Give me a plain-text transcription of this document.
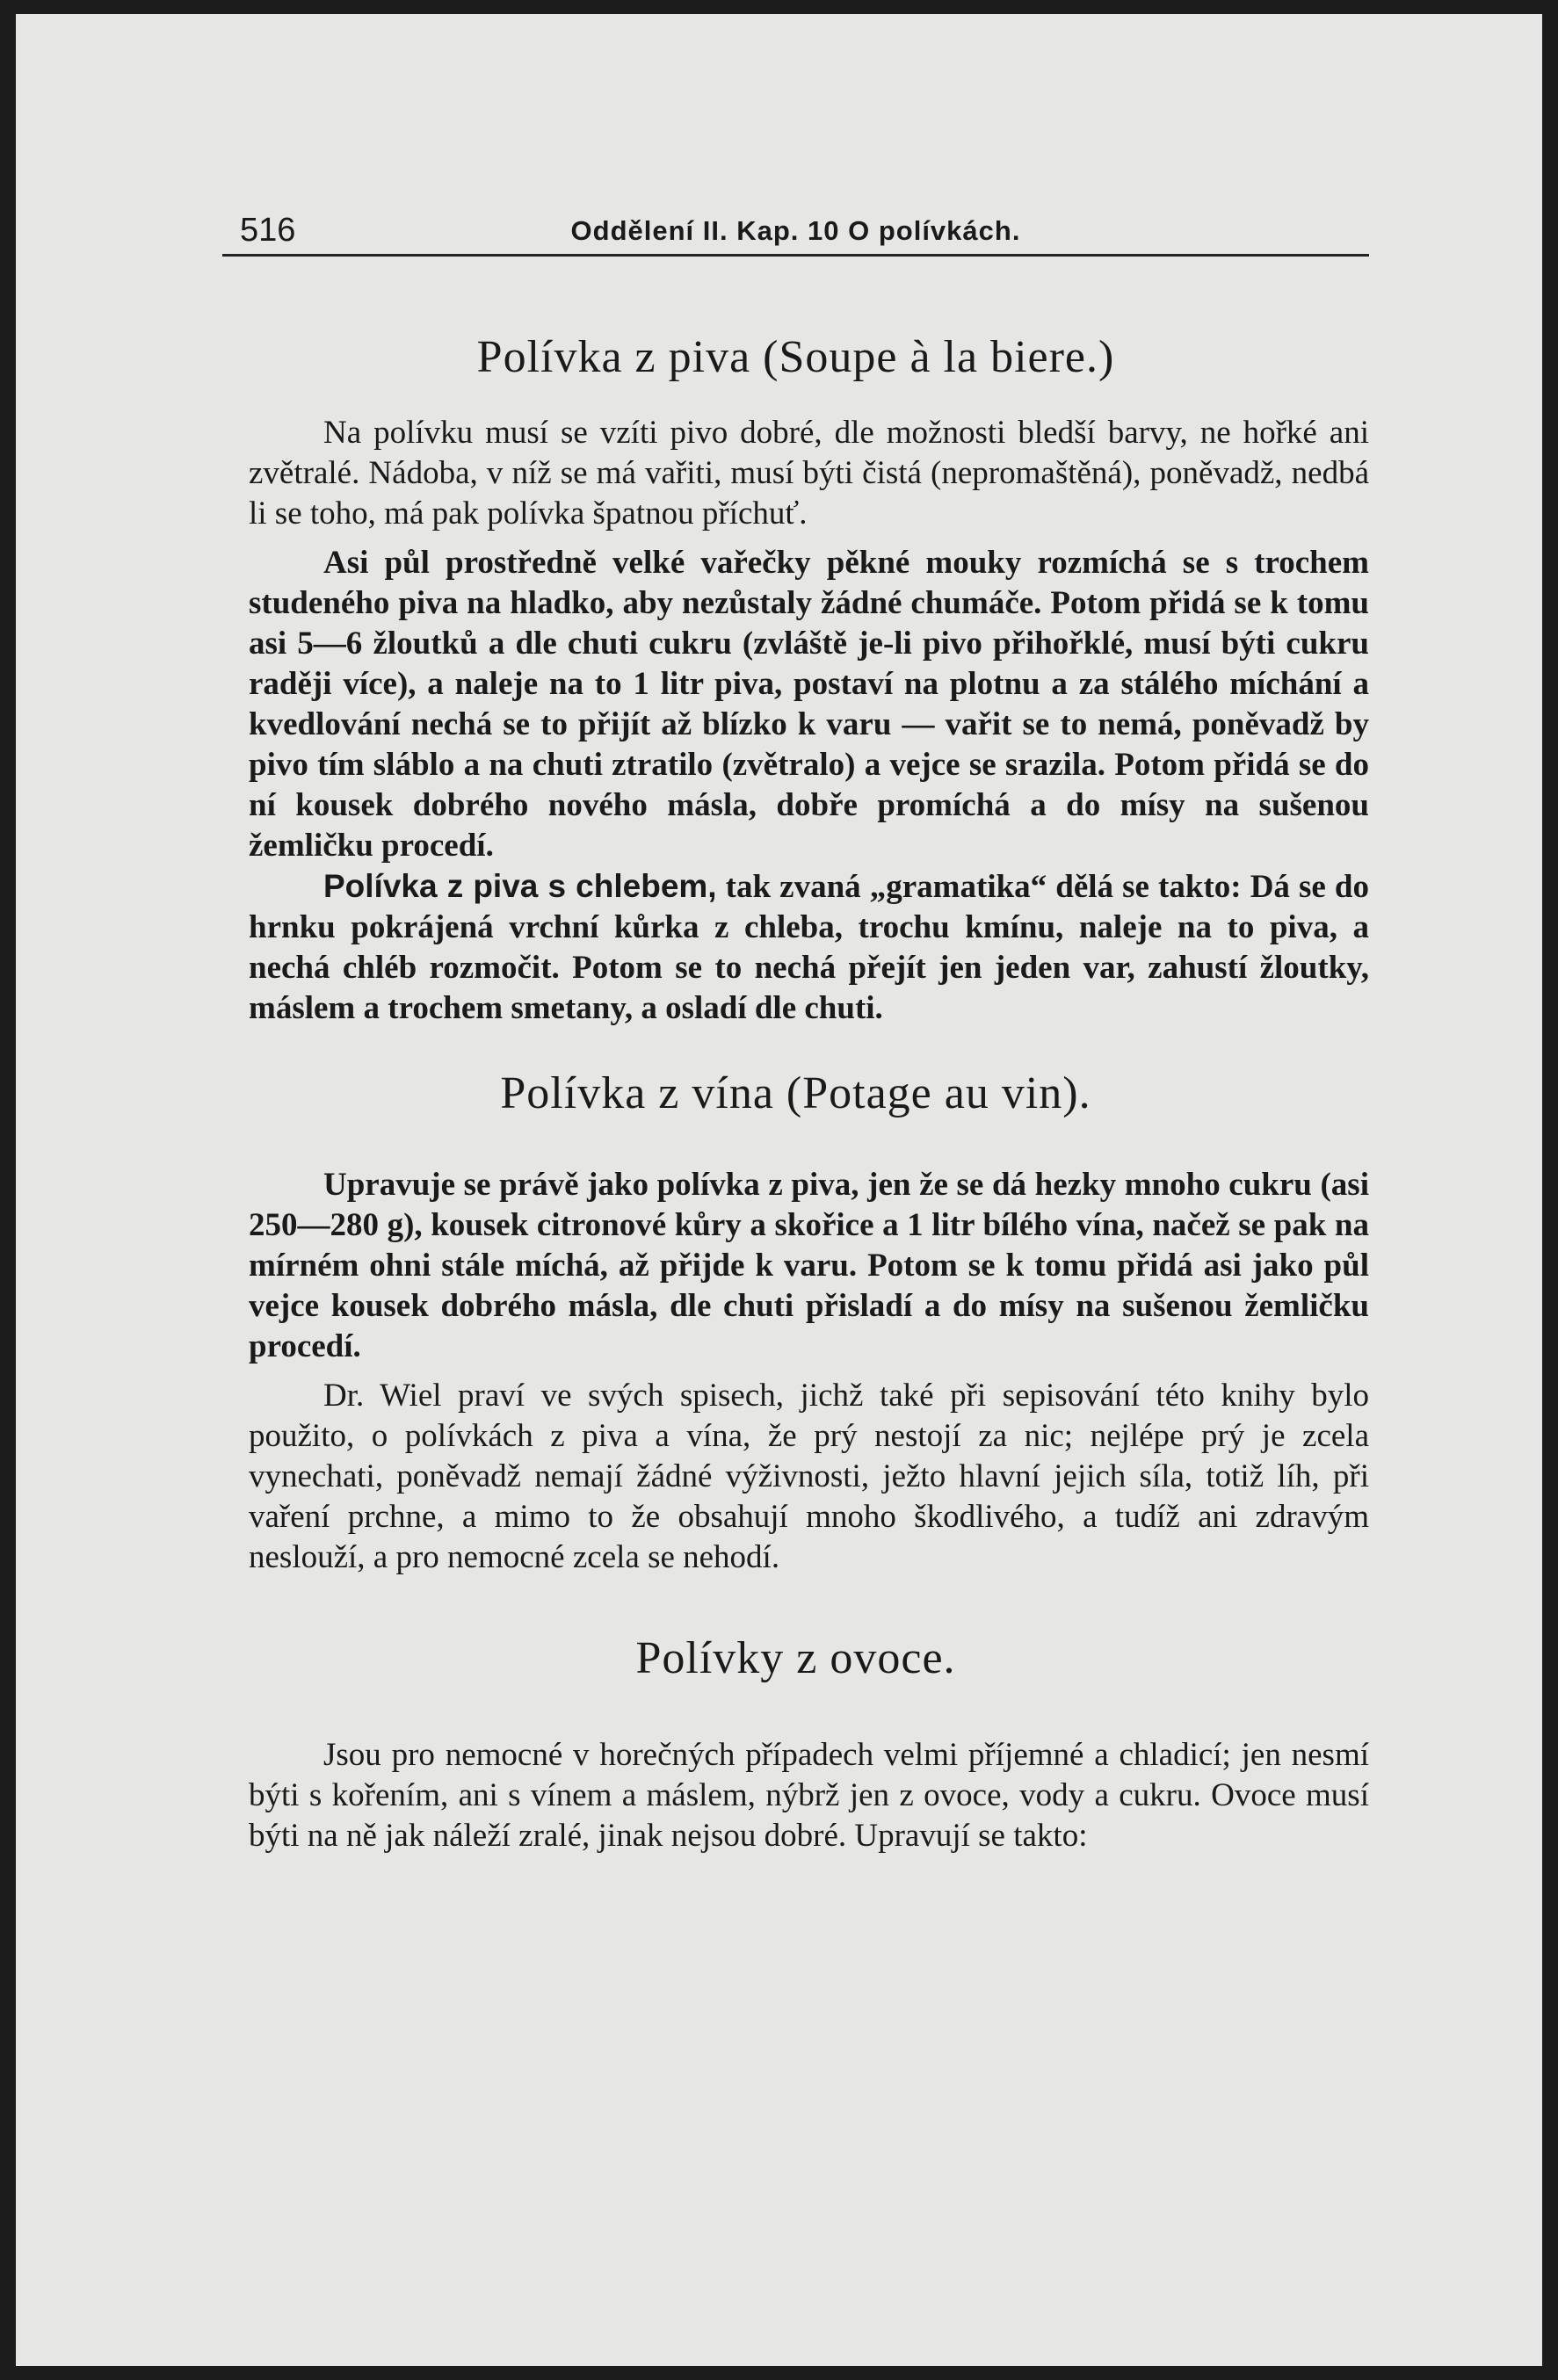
516	Oddělení II. Kap. 10 O polívkách.
Polívka z piva (Soupe à la biere.)

Na polívku musí se vzíti pivo dobré, dle možnosti bledší barvy, ne hořké ani zvětralé. Nádoba, v níž se má vařiti, musí býti čistá (nepromaštěná), poněvadž, nedbá li se toho, má pak polívka špatnou příchuť.

Asi půl prostředně velké vařečky pěkné mouky rozmíchá se s trochem studeného piva na hladko, aby nezůstaly žádné chumáče. Potom přidá se k tomu asi 5—6 žloutků a dle chuti cukru (zvláště je-li pivo přihořklé, musí býti cukru raději více), a naleje na to 1 litr piva, postaví na plotnu a za stálého míchání a kvedlování nechá se to přijít až blízko k varu — vařit se to nemá, poněvadž by pivo tím sláblo a na chuti ztratilo (zvětralo) a vejce se srazila. Potom přidá se do ní kousek dobrého nového másla, dobře promíchá a do mísy na sušenou žemličku procedí.

Polívka z piva s chlebem, tak zvaná „gramatika“ dělá se takto: Dá se do hrnku pokrájená vrchní kůrka z chleba, trochu kmínu, naleje na to piva, a nechá chléb rozmočit. Potom se to nechá přejít jen jeden var, zahustí žloutky, máslem a trochem smetany, a osladí dle chuti.

Polívka z vína (Potage au vin).

Upravuje se právě jako polívka z piva, jen že se dá hezky mnoho cukru (asi 250—280 g), kousek citronové kůry a skořice a 1 litr bílého vína, načež se pak na mírném ohni stále míchá, až přijde k varu. Potom se k tomu přidá asi jako půl vejce kousek dobrého másla, dle chuti přisladí a do mísy na sušenou žemličku procedí.

Dr. Wiel praví ve svých spisech, jichž také při sepisování této knihy bylo použito, o polívkách z piva a vína, že prý nestojí za nic; nejlépe prý je zcela vynechati, poněvadž nemají žádné výživnosti, ježto hlavní jejich síla, totiž líh, při vaření prchne, a mimo to že obsahují mnoho škodlivého, a tudíž ani zdravým neslouží, a pro nemocné zcela se nehodí.

Polívky z ovoce.

Jsou pro nemocné v horečných případech velmi příjemné a chladicí; jen nesmí býti s kořením, ani s vínem a máslem, nýbrž jen z ovoce, vody a cukru. Ovoce musí býti na ně jak náleží zralé, jinak nejsou dobré. Upravují se takto:
